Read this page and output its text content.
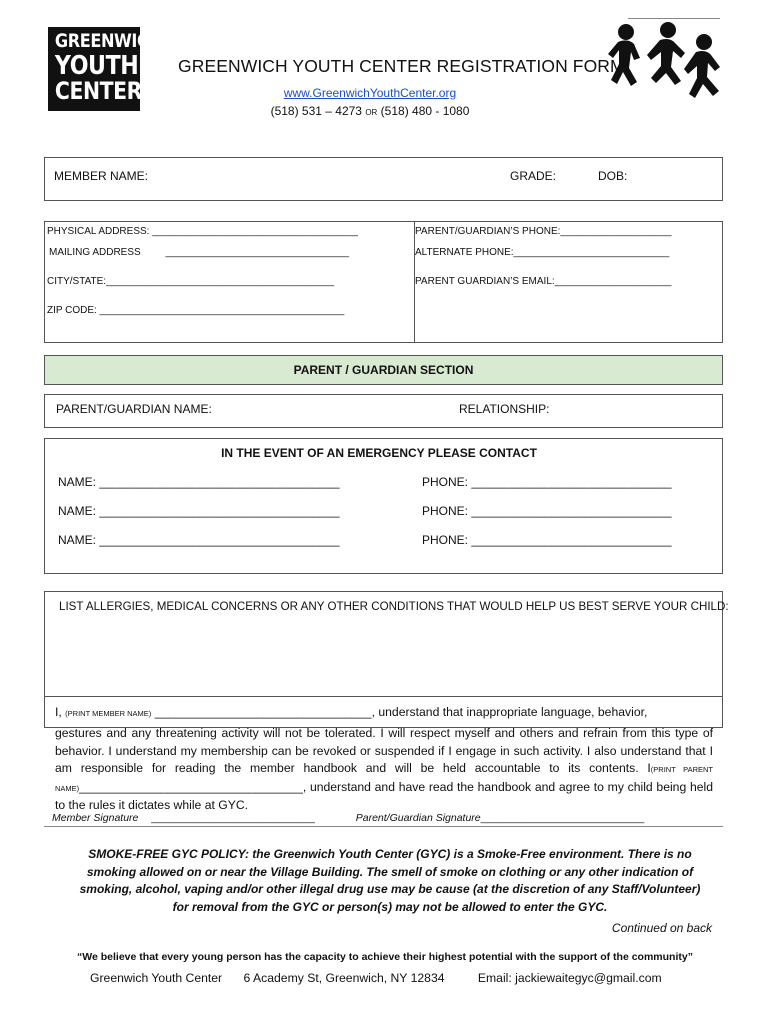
GREENWICH
YOUTH
CENTER
GREENWICH YOUTH CENTER REGISTRATION FORM
www.GreenwichYouthCenter.org
(518) 531 – 4273 OR (518) 480 - 1080
MEMBER NAME:	GRADE:	DOB:
PHYSICAL ADDRESS: _____________________________________
MAILING ADDRESS _________________________________
CITY/STATE:_________________________________________
ZIP CODE: ____________________________________________
PARENT/GUARDIAN’S PHONE:____________________
ALTERNATE PHONE:____________________________
PARENT GUARDIAN’S EMAIL:_____________________
PARENT / GUARDIAN SECTION
PARENT/GUARDIAN NAME:	RELATIONSHIP:
IN THE EVENT OF AN EMERGENCY PLEASE CONTACT
NAME: ____________________________________	PHONE: ______________________________
NAME: ____________________________________	PHONE: ______________________________
NAME: ____________________________________	PHONE: ______________________________
LIST ALLERGIES, MEDICAL CONCERNS OR ANY OTHER CONDITIONS THAT WOULD HELP US BEST SERVE YOUR CHILD:
I, (PRINT MEMBER NAME) ________________________________, understand that inappropriate language, behavior,
gestures and any threatening activity will not be tolerated. I will respect myself and others and refrain from this type of behavior. I understand my membership can be revoked or suspended if I engage in such activity. I also understand that I am responsible for reading the member handbook and will be held accountable to its contents. I(PRINT PARENT NAME)_________________________________, understand and have read the handbook and agree to my child being held to the rules it dictates while at GYC.
Member Signature ____________________________	Parent/Guardian Signature____________________________
SMOKE-FREE GYC POLICY: the Greenwich Youth Center (GYC) is a Smoke-Free environment. There is no smoking allowed on or near the Village Building. The smell of smoke on clothing or any other indication of smoking, alcohol, vaping and/or other illegal drug use may be cause (at the discretion of any Staff/Volunteer) for removal from the GYC or person(s) may not be allowed to enter the GYC.
Continued on back
“We believe that every young person has the capacity to achieve their highest potential with the support of the community”
Greenwich Youth Center 6 Academy St, Greenwich, NY 12834	Email: jackiewaitegyc@gmail.com
